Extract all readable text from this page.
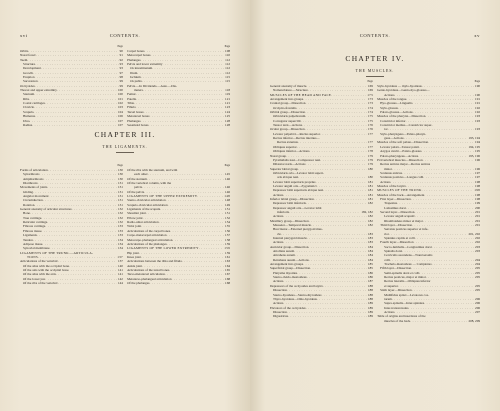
xvi	CONTENTS.
Page
Orbits . . .	90
Nasal fossæ . . .	91
Teeth . . .	92
Structure . . .	93
Development . . .	93
Growth . . .	97
Eruption . . .	98
Succession . . .	99
Os hyoides . . .	99
Thorax and upper extremity . . .	100
Sternum . . .	100
Ribs . . .	101
Costal cartilages . . .	102
Clavicle . . .	103
Scapula . . .	104
Humerus . . .	106
Ulna . . .	107
Radius . . .	107
Page
Carpal bones . . .	108
Metacarpal bones . . .	110
Phalanges . . .	112
Pelvis and lower extremity . . .	112
Os innominatum . . .	112
Ilium . . .	112
Ischium . . .	115
Os pubis . . .	115
Pelvis.—In Dividends.—Auto.—Dia-
meters . . .	118
Femur . . .	119
Patella . . .	121
Tibia . . .	121
Fibula . . .	123
Tarsal bones . . .	124
Metatarsal bones . . .	125
Phalanges . . .	128
Sesamoid bones . . .	128
CHAPTER III.
THE LIGAMENTS.
Page
Forms of articulation . . .	130
Synarthrosis . . .	130
Amphiarthrosis . . .	130
Diarthrosis . . .	131
Movements of joints . . .	131
Gliding . . .	131
Angular movement . . .	131
Circumduction . . .	131
Rotation . . .	131
General anatomy of articular structures . . .	132
Bone . . .	132
True cartilage . . .	132
Reticular cartilage . . .	132
Fibrous cartilage . . .	133
Fibrous tissue . . .	133
Ligaments . . .	133
Tendon . . .	134
Adipose tissue . . .	134
Synovial membrane . . .	134
LIGAMENTS OF THE TRUNK.—ARTICULA-
TIONS . . .	137
Articulations of the vertebræ . . .	137
Of the atlas with the occipital bone . . .	140
Of the axis with the occipital bone . . .	141
Of the atlas with the axis . . .	141
Of the lower jaw . . .	142
Of the ribs of the vertebræ . . .	144
Page
Of the ribs with the sternum, and with
each other . . .	145
Of the sternum . . .	146
Of the vertebral column, with the
pelvis . . .	146
Of the pelvis . . .	146
LIGAMENTS OF THE UPPER EXTREMITY . . .	148
Sterno-clavicular articulation . . .	148
Scapulo-clavicular articulation . . .	149
Ligaments of the scapula . . .	151
Shoulder joint . . .	151
Elbow joint . . .	152
Radio-ulnar articulation . . .	154
Wrist joint . . .	155
Articulations of the carpal bones . . .	156
Carpo-metacarpal articulation . . .	157
Metacarpo-phalangeal articulation . . .	158
Articulations of the phalanges . . .	159
LIGAMENTS OF THE LOWER EXTREMITY . . .	159
Hip joint . . .	159
Knee joint . . .	161
Articulations between the tibia and fibula . . .	163
Ankle joint . . .	164
Articulations of the tarsal bones . . .	165
Tarso-metatarsal articulation . . .	167
Metatarso-phalangeal articulation . . .	168
Of the phalanges . . .	168
CONTENTS.	xv
CHAPTER IV.
THE MUSCLES.
Page
General anatomy of muscle . . .	169
Nomenclature.—Structure . . .	169
MUSCLES OF THE HEAD AND FACE . . .	173
Arrangement into groups . . .	173
Cranial group—Dissection . . .	173
Occipito-frontalis . . .	174
Orbital group—Dissection . . .	174
Orbicularis palpebrarum . . .	175
Corrugator supercilii . . .	175
Tensor tarsi—Actions . . .	176
Ocular group—Dissection . . .	176
Levator palpebræ—Rectus superior . . .	177
Rectus inferior—Rectus internus—
Rectus externus . . .	177
Obliquus superior . . .	177
Obliquus inferior—Actions . . .	178
Nasal group . . .	179
Pyramidalis nasi—Compressor nasi . . .	179
Dilatator naris—Actions . . .	179
Superior labial group . . .	180
Orbicularis oris—Levator labii superi-
oris alæque nasi . . .	180
Levator labii superioris proprius . . .	181
Levator anguli oris—Zygomatici . . .	181
Depressor labii superioris alæque nasi . . .	181
Actions . . .	181
Inferior labial group—Dissection . . .	181
Depressor labii inferioris . . .	182
Depressor anguli oris—Levator labii
inferioris . . .	182, 182
Actions . . .	182
Maxillary group—Dissection . . .	182
Masseter—Temporal muscle . . .	182
Buccinator—External pterygoid mus-
cle . . .	183
Internal pterygoid muscle . . .	183
Actions . . .	183
Auricular group—Dissection . . .	184
Attollens aurem . . .	184
Attrahens aurem . . .	184
Retrahens aurem—Actions . . .	184
Arrangement into groups . . .	185
Superficial group—Dissection . . .	185
Platysma myoides . . .	186
Sterno-cleido-mastoideus . . .	186
Actions . . .	187
Depressors of the os hyoides and larynx . . .	188
Dissection . . .	188
Sterno-hyoideus—Sterno-thyroideus . . .	188
Thyro-hyoideus—Omo-hyoideus . . .	188
Actions . . .	189
Elevators of the os hyoides . . .	189
Dissection . . .	189
Digastricus . . .	189
Page
Stylo-hyoideus — mylo-hyoideus . . .	190
Genio-hyoideus—Genio-hyo-glossus—
Actions . . .	190
Muscles of the tongue . . .	191
Hyo-glossus—Lingualis . . .	191
Stylo-glossus . . .	192
Palato-glossus—Actions . . .	192
Muscles of the pharynx—Dissection . . .	193
Constrictor inferior . . .	193
Constrictor medius—Constrictor super-
ior . . .	193
Stylo-pharyngeus—Palato-pharyn-
geus—Actions . . .	193, 194
Muscles of the soft palate—Dissection . . .	194
Levator palati—Tensor palati . . .	194, 195
Azygos uvulæ—Palato-glossus . . .	195
Palato-pharyngeus—Actions . . .	195, 196
Prævertebral muscles—Dissection . . .	196
Rectus anticus major—Rectus anticus
minor . . .	196
Scalenus anticus . . .	197
Scalenus posticus—Longus colli . . .	197
Actions . . .	198
Muscles of the larynx . . .	198
MUSCLES OF THE TRUNK . . .	198
Muscles of the back—Arrangement . . .	198
First layer—Dissection . . .	198
Trapezius . . .	199
Latissimus dorsi . . .	200
Second layer—Dissection . . .	201
Levator anguli scapulæ . . .	201
Rhomboideus minor et major . . .	201
Third layer—Dissection . . .	201
Serratus posticus superior et infe-
rior . . .	201, 202
Splenius capitis et colli . . .	202
Fourth layer—Dissection . . .	202
Sacro-lumbalis—Longissimus dorsi . . .	203
Spinalis dorsi . . .	203
Cervicalis ascendens—Transversalis
colli . . .	204
Trachelo-mastoideus — Complexus . . .	204
Fifth layer—Dissection . . .	205
Semi-spinalis dorsi et colli . . .	205
Rectus posticus, major et minor . . .	205
Rectus lateralis—Obliquus inferior
et superior . . .	205
Sixth layer—Dissection . . .	205
Multifidus spinæ—Levatores cos-
tarum . . .	206
Supra-spinalis—Inter-spinales . . .	206
Inter-transversales . . .	206
Actions . . .	207
Table of origins and insertions of the
muscles of the back . . .	208, 209
